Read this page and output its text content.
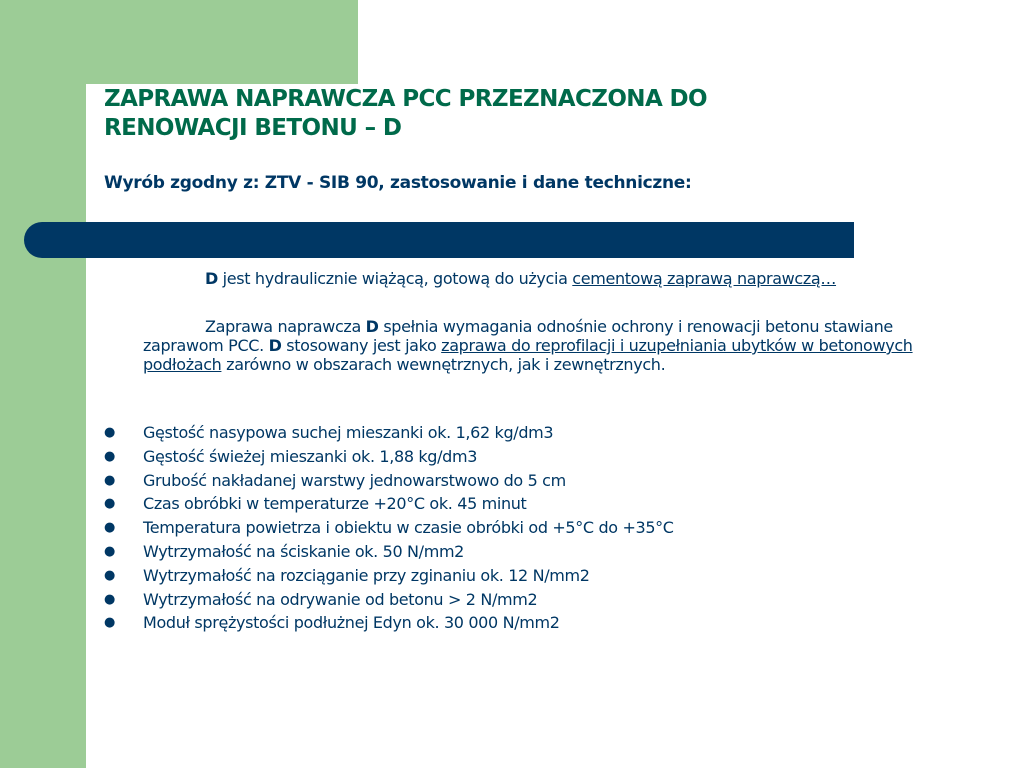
ZAPRAWA NAPRAWCZA PCC PRZEZNACZONA DO
RENOWACJI BETONU – D
Wyrób zgodny z: ZTV - SIB 90, zastosowanie i dane techniczne:

D jest hydraulicznie wiążącą, gotową do użycia cementową zaprawą naprawczą…

Zaprawa naprawcza D spełnia wymagania odnośnie ochrony i renowacji betonu stawiane zaprawom PCC. D stosowany jest jako zaprawa do reprofilacji i uzupełniania ubytków w betonowych podłożach zarówno w obszarach wewnętrznych, jak i zewnętrznych.

● Gęstość nasypowa suchej mieszanki ok. 1,62 kg/dm3
● Gęstość świeżej mieszanki ok. 1,88 kg/dm3
● Grubość nakładanej warstwy jednowarstwowo do 5 cm
● Czas obróbki w temperaturze +20°C ok. 45 minut
● Temperatura powietrza i obiektu w czasie obróbki od +5°C do +35°C
● Wytrzymałość na ściskanie ok. 50 N/mm2
● Wytrzymałość na rozciąganie przy zginaniu ok. 12 N/mm2
● Wytrzymałość na odrywanie od betonu > 2 N/mm2
● Moduł sprężystości podłużnej Edyn ok. 30 000 N/mm2
